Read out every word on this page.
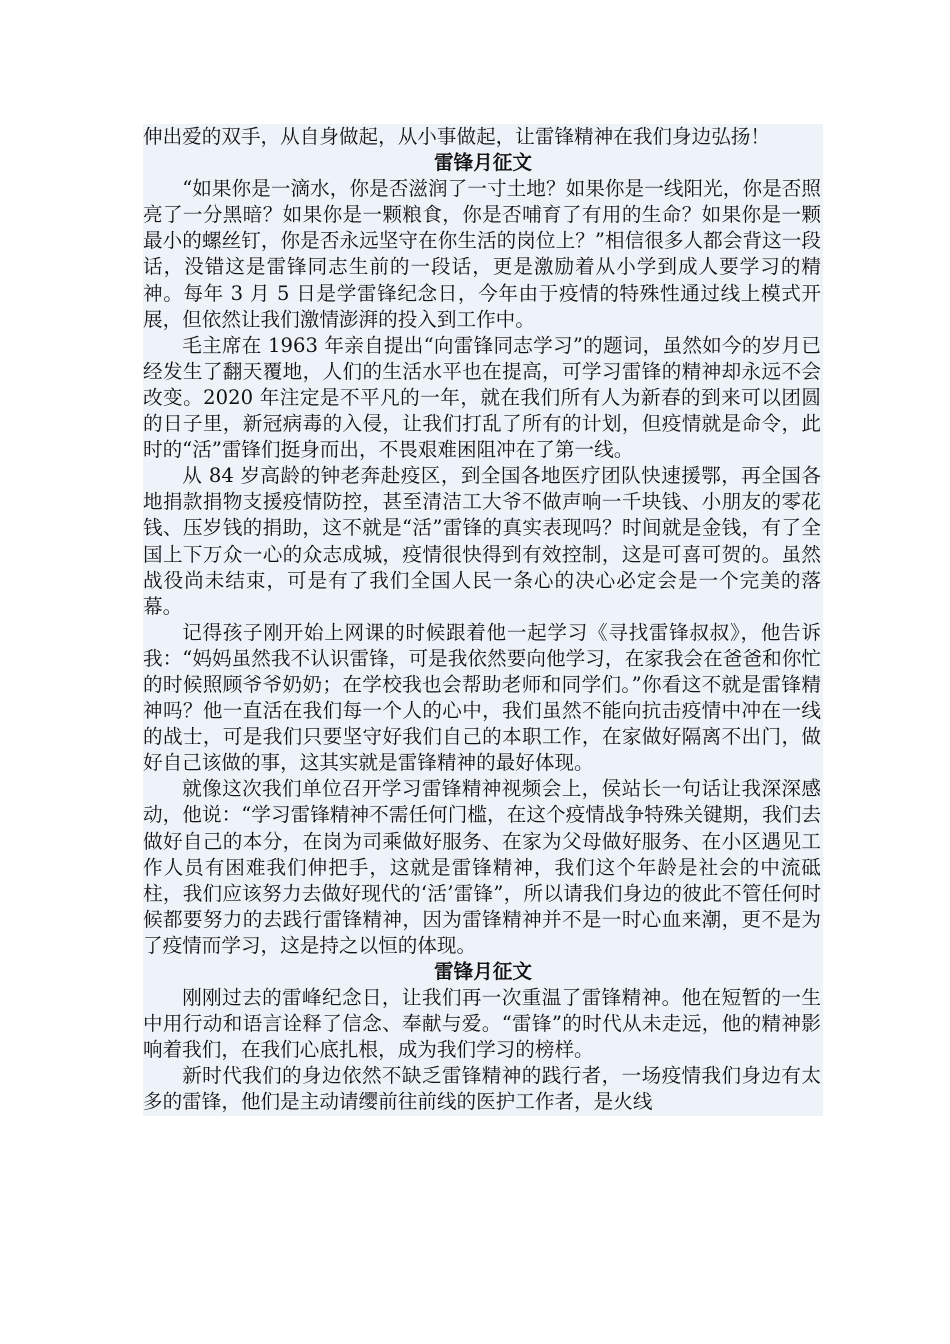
伸出爱的双手，从自身做起，从小事做起，让雷锋精神在我们身边弘扬！

雷锋月征文

“如果你是一滴水，你是否滋润了一寸土地？如果你是一线阳光，你是否照亮了一分黑暗？如果你是一颗粮食，你是否哺育了有用的生命？如果你是一颗最小的螺丝钉，你是否永远坚守在你生活的岗位上？”相信很多人都会背这一段话，没错这是雷锋同志生前的一段话，更是激励着从小学到成人要学习的精神。每年 3 月 5 日是学雷锋纪念日，今年由于疫情的特殊性通过线上模式开展，但依然让我们激情澎湃的投入到工作中。

毛主席在 1963 年亲自提出“向雷锋同志学习”的题词，虽然如今的岁月已经发生了翻天覆地，人们的生活水平也在提高，可学习雷锋的精神却永远不会改变。2020 年注定是不平凡的一年，就在我们所有人为新春的到来可以团圆的日子里，新冠病毒的入侵，让我们打乱了所有的计划，但疫情就是命令，此时的“活”雷锋们挺身而出，不畏艰难困阻冲在了第一线。

从 84 岁高龄的钟老奔赴疫区，到全国各地医疗团队快速援鄂，再全国各地捐款捐物支援疫情防控，甚至清洁工大爷不做声响一千块钱、小朋友的零花钱、压岁钱的捐助，这不就是“活”雷锋的真实表现吗？时间就是金钱，有了全国上下万众一心的众志成城，疫情很快得到有效控制，这是可喜可贺的。虽然战役尚未结束，可是有了我们全国人民一条心的决心必定会是一个完美的落幕。

记得孩子刚开始上网课的时候跟着他一起学习《寻找雷锋叔叔》，他告诉我：“妈妈虽然我不认识雷锋，可是我依然要向他学习，在家我会在爸爸和你忙的时候照顾爷爷奶奶；在学校我也会帮助老师和同学们。”你看这不就是雷锋精神吗？他一直活在我们每一个人的心中，我们虽然不能向抗击疫情中冲在一线的战士，可是我们只要坚守好我们自己的本职工作，在家做好隔离不出门，做好自己该做的事，这其实就是雷锋精神的最好体现。

就像这次我们单位召开学习雷锋精神视频会上，侯站长一句话让我深深感动，他说：“学习雷锋精神不需任何门槛，在这个疫情战争特殊关键期，我们去做好自己的本分，在岗为司乘做好服务、在家为父母做好服务、在小区遇见工作人员有困难我们伸把手，这就是雷锋精神，我们这个年龄是社会的中流砥柱，我们应该努力去做好现代的‘活’雷锋”，所以请我们身边的彼此不管任何时候都要努力的去践行雷锋精神，因为雷锋精神并不是一时心血来潮，更不是为了疫情而学习，这是持之以恒的体现。

雷锋月征文

刚刚过去的雷峰纪念日，让我们再一次重温了雷锋精神。他在短暂的一生中用行动和语言诠释了信念、奉献与爱。“雷锋”的时代从未走远，他的精神影响着我们，在我们心底扎根，成为我们学习的榜样。

新时代我们的身边依然不缺乏雷锋精神的践行者，一场疫情我们身边有太多的雷锋，他们是主动请缨前往前线的医护工作者，是火线
